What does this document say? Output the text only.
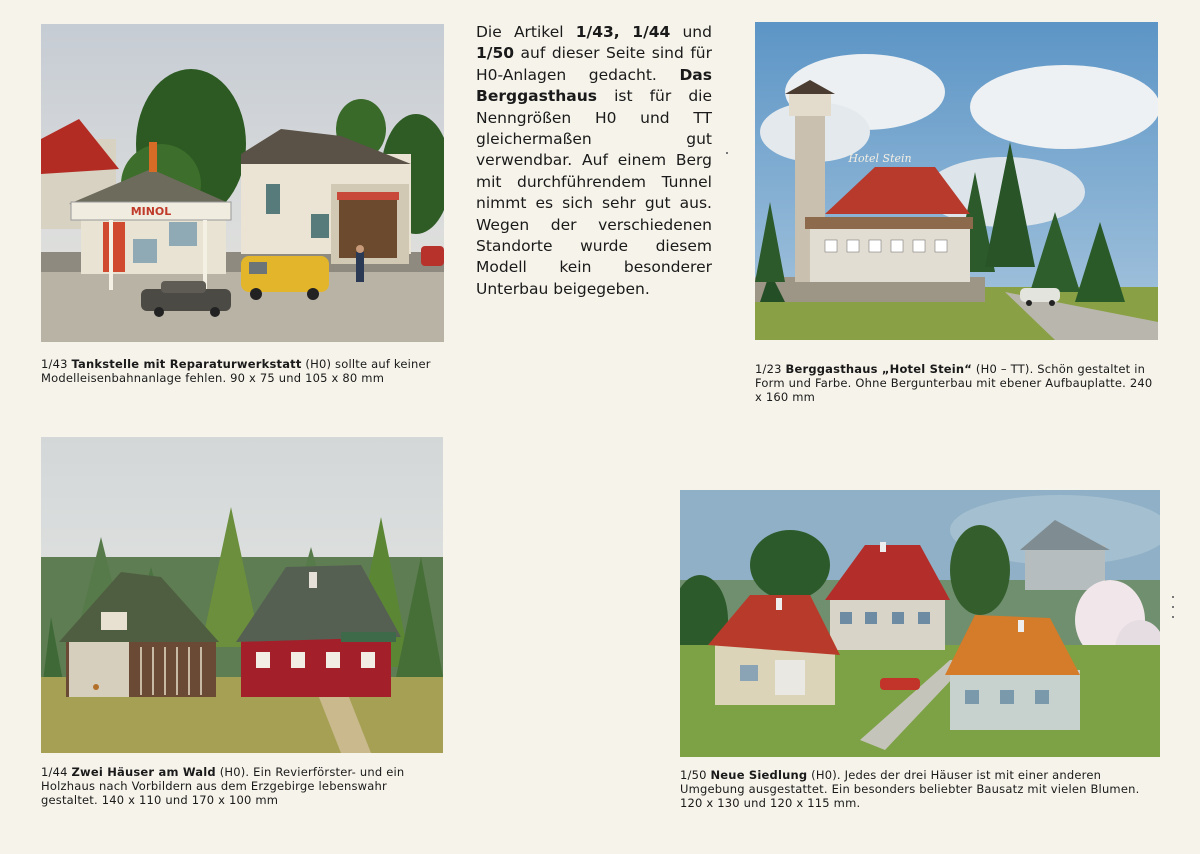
Die Artikel 1/43, 1/44 und 1/50 auf dieser Seite sind für H0-Anlagen gedacht. Das Berggasthaus ist für die Nenngrößen H0 und TT gleichermaßen gut verwendbar. Auf einem Berg mit durchführendem Tunnel nimmt es sich sehr gut aus. Wegen der verschiedenen Standorte wurde diesem Modell kein besonderer Unterbau beigegeben.
MINOL
1/43 Tankstelle mit Reparaturwerkstatt (H0) sollte auf keiner Modelleisenbahnanlage fehlen. 90 x 75 und 105 x 80 mm
Hotel Stein
1/23 Berggasthaus „Hotel Stein“ (H0 – TT). Schön gestaltet in Form und Farbe. Ohne Bergunterbau mit ebener Aufbauplatte. 240 x 160 mm
1/44 Zwei Häuser am Wald (H0). Ein Revierförster- und ein Holzhaus nach Vorbildern aus dem Erzgebirge lebenswahr gestaltet. 140 x 110 und 170 x 100 mm
1/50 Neue Siedlung (H0). Jedes der drei Häuser ist mit einer anderen Umgebung ausgestattet. Ein besonders beliebter Bausatz mit vielen Blumen. 120 x 130 und 120 x 115 mm.
